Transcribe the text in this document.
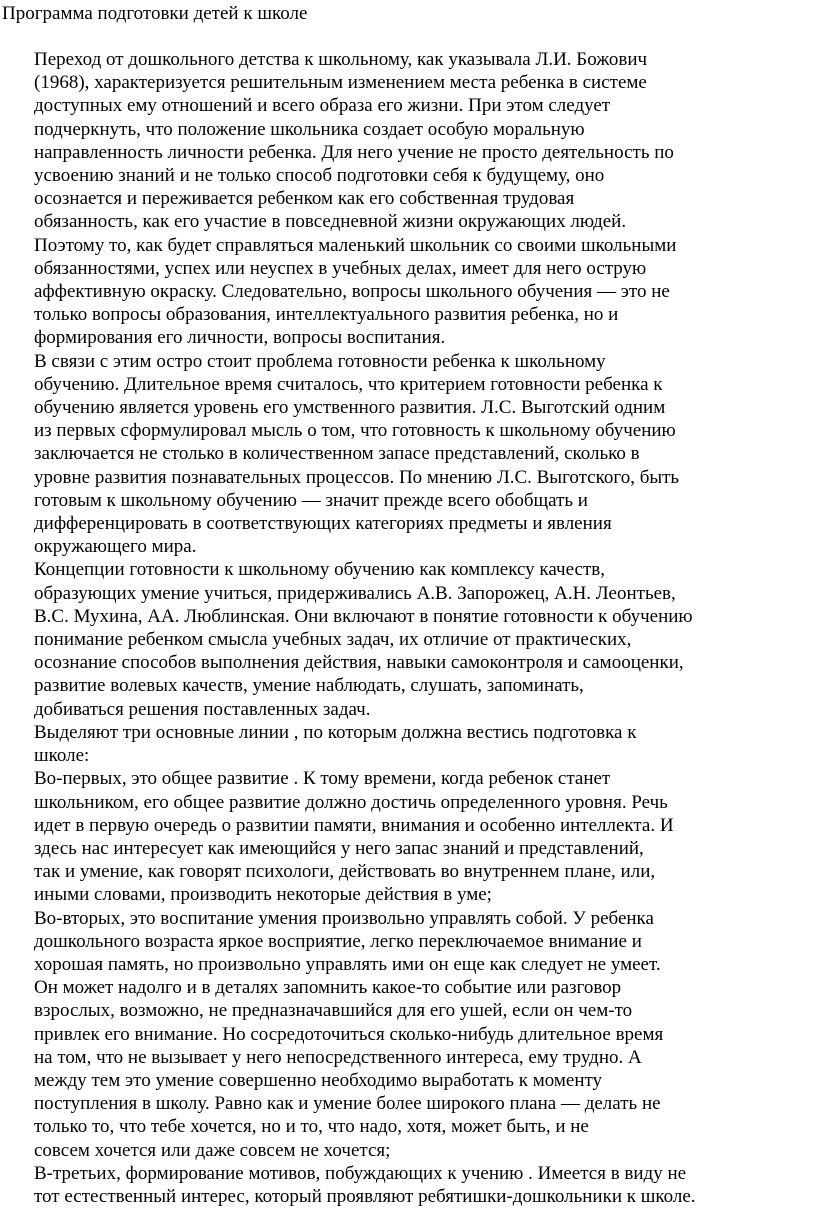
Программа подготовки детей к школе
Переход от дошкольного детства к школьному, как указывала Л.И. Божович
(1968), характеризуется решительным изменением места ребенка в системе
доступных ему отношений и всего образа его жизни. При этом следует
подчеркнуть, что положение школьника создает особую моральную
направленность личности ребенка. Для него учение не просто деятельность по
усвоению знаний и не только способ подготовки себя к будущему, оно
осознается и переживается ребенком как его собственная трудовая
обязанность, как его участие в повседневной жизни окружающих людей.
Поэтому то, как будет справляться маленький школьник со своими школьными
обязанностями, успех или неуспех в учебных делах, имеет для него острую
аффективную окраску. Следовательно, вопросы школьного обучения — это не
только вопросы образования, интеллектуального развития ребенка, но и
формирования его личности, вопросы воспитания.
В связи с этим остро стоит проблема готовности ребенка к школьному
обучению. Длительное время считалось, что критерием готовности ребенка к
обучению является уровень его умственного развития. Л.С. Выготский одним
из первых сформулировал мысль о том, что готовность к школьному обучению
заключается не столько в количественном запасе представлений, сколько в
уровне развития познавательных процессов. По мнению Л.С. Выготского, быть
готовым к школьному обучению — значит прежде всего обобщать и
дифференцировать в соответствующих категориях предметы и явления
окружающего мира.
Концепции готовности к школьному обучению как комплексу качеств,
образующих умение учиться, придерживались А.В. Запорожец, А.Н. Леонтьев,
В.С. Мухина, АА. Люблинская. Они включают в понятие готовности к обучению
понимание ребенком смысла учебных задач, их отличие от практических,
осознание способов выполнения действия, навыки самоконтроля и самооценки,
развитие волевых качеств, умение наблюдать, слушать, запоминать,
добиваться решения поставленных задач.
Выделяют три основные линии , по которым должна вестись подготовка к
школе:
Во-первых, это общее развитие . К тому времени, когда ребенок станет
школьником, его общее развитие должно достичь определенного уровня. Речь
идет в первую очередь о развитии памяти, внимания и особенно интеллекта. И
здесь нас интересует как имеющийся у него запас знаний и представлений,
так и умение, как говорят психологи, действовать во внутреннем плане, или,
иными словами, производить некоторые действия в уме;
Во-вторых, это воспитание умения произвольно управлять собой. У ребенка
дошкольного возраста яркое восприятие, легко переключаемое внимание и
хорошая память, но произвольно управлять ими он еще как следует не умеет.
Он может надолго и в деталях запомнить какое-то событие или разговор
взрослых, возможно, не предназначавшийся для его ушей, если он чем-то
привлек его внимание. Но сосредоточиться сколько-нибудь длительное время
на том, что не вызывает у него непосредственного интереса, ему трудно. А
между тем это умение совершенно необходимо выработать к моменту
поступления в школу. Равно как и умение более широкого плана — делать не
только то, что тебе хочется, но и то, что надо, хотя, может быть, и не
совсем хочется или даже совсем не хочется;
В-третьих, формирование мотивов, побуждающих к учению . Имеется в виду не
тот естественный интерес, который проявляют ребятишки-дошкольники к школе.
